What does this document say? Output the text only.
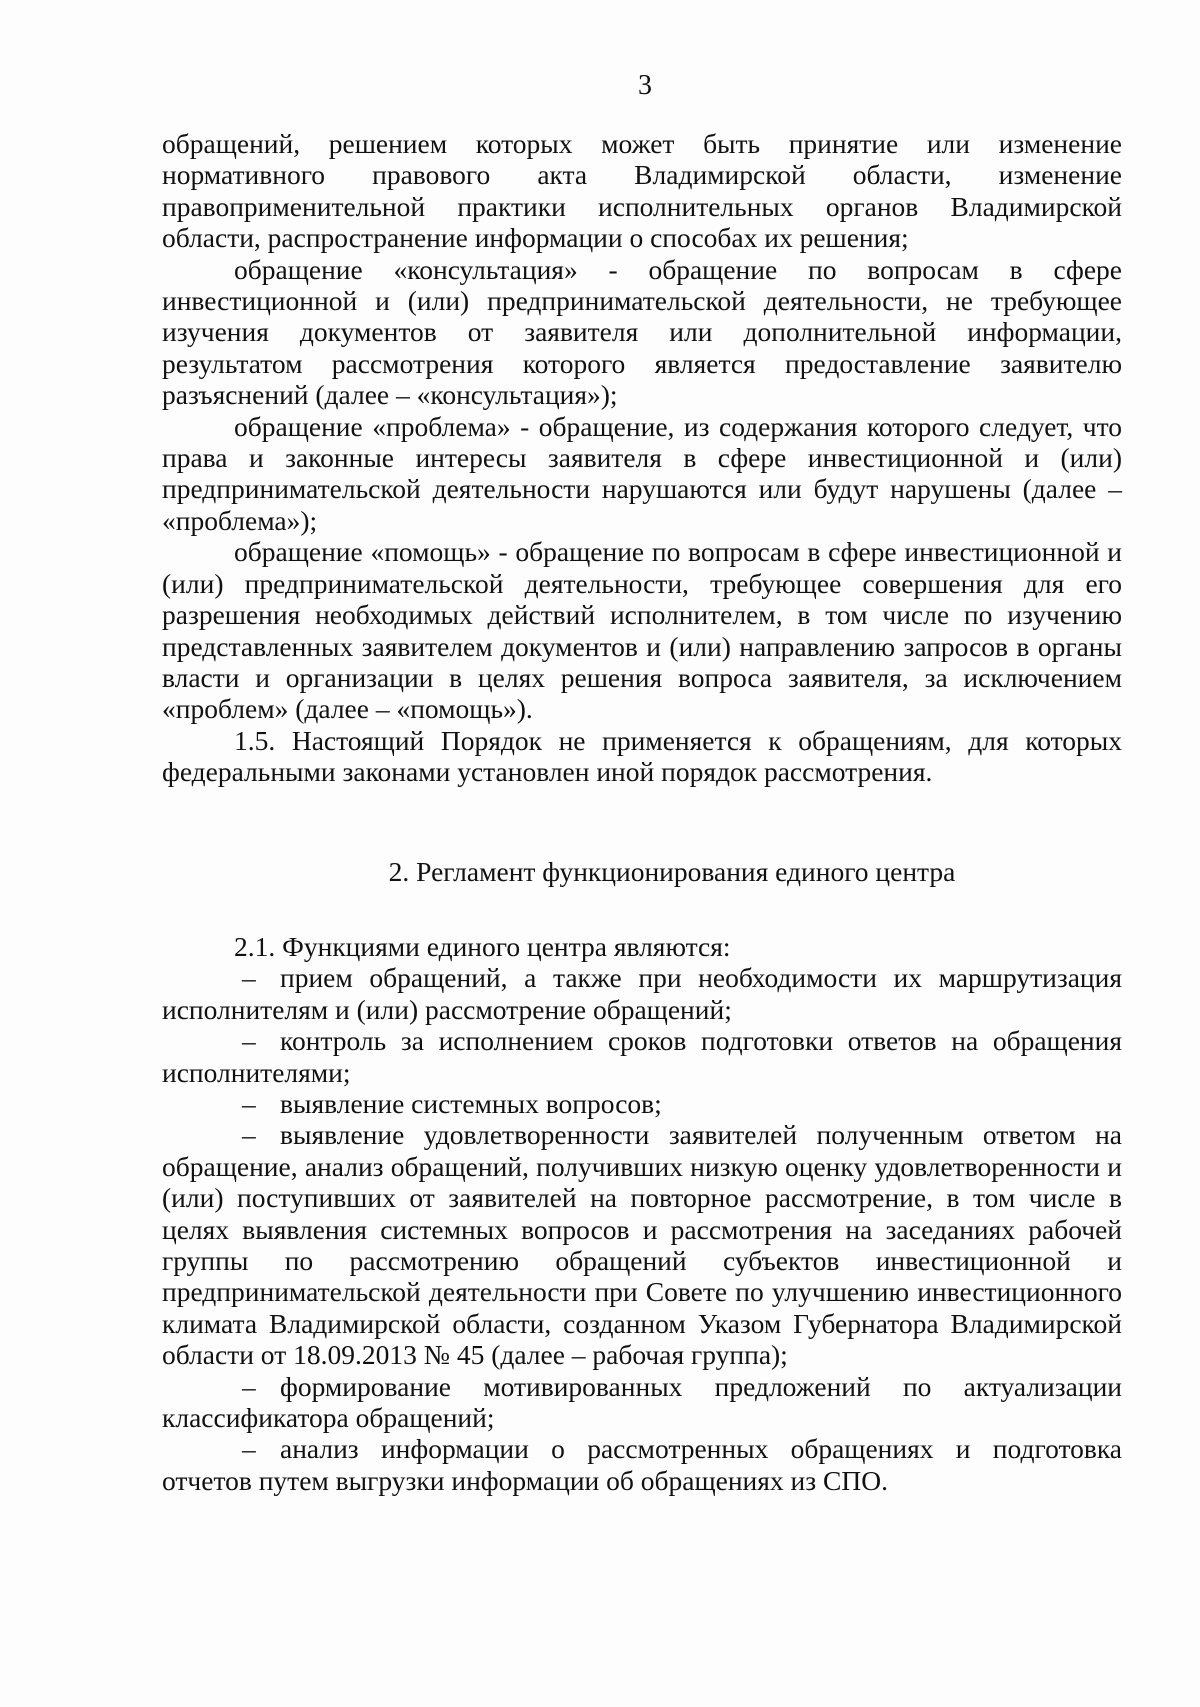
3

обращений, решением которых может быть принятие или изменение нормативного правового акта Владимирской области, изменение правоприменительной практики исполнительных органов Владимирской области, распространение информации о способах их решения;

обращение «консультация» - обращение по вопросам в сфере инвестиционной и (или) предпринимательской деятельности, не требующее изучения документов от заявителя или дополнительной информации, результатом рассмотрения которого является предоставление заявителю разъяснений (далее – «консультация»);

обращение «проблема» - обращение, из содержания которого следует, что права и законные интересы заявителя в сфере инвестиционной и (или) предпринимательской деятельности нарушаются или будут нарушены (далее – «проблема»);

обращение «помощь» - обращение по вопросам в сфере инвестиционной и (или) предпринимательской деятельности, требующее совершения для его разрешения необходимых действий исполнителем, в том числе по изучению представленных заявителем документов и (или) направлению запросов в органы власти и организации в целях решения вопроса заявителя, за исключением «проблем» (далее – «помощь»).

1.5. Настоящий Порядок не применяется к обращениям, для которых федеральными законами установлен иной порядок рассмотрения.

2. Регламент функционирования единого центра

2.1. Функциями единого центра являются:

– прием обращений, а также при необходимости их маршрутизация исполнителям и (или) рассмотрение обращений;

– контроль за исполнением сроков подготовки ответов на обращения исполнителями;

– выявление системных вопросов;

– выявление удовлетворенности заявителей полученным ответом на обращение, анализ обращений, получивших низкую оценку удовлетворенности и (или) поступивших от заявителей на повторное рассмотрение, в том числе в целях выявления системных вопросов и рассмотрения на заседаниях рабочей группы по рассмотрению обращений субъектов инвестиционной и предпринимательской деятельности при Совете по улучшению инвестиционного климата Владимирской области, созданном Указом Губернатора Владимирской области от 18.09.2013 № 45 (далее – рабочая группа);

– формирование мотивированных предложений по актуализации классификатора обращений;

– анализ информации о рассмотренных обращениях и подготовка отчетов путем выгрузки информации об обращениях из СПО.
